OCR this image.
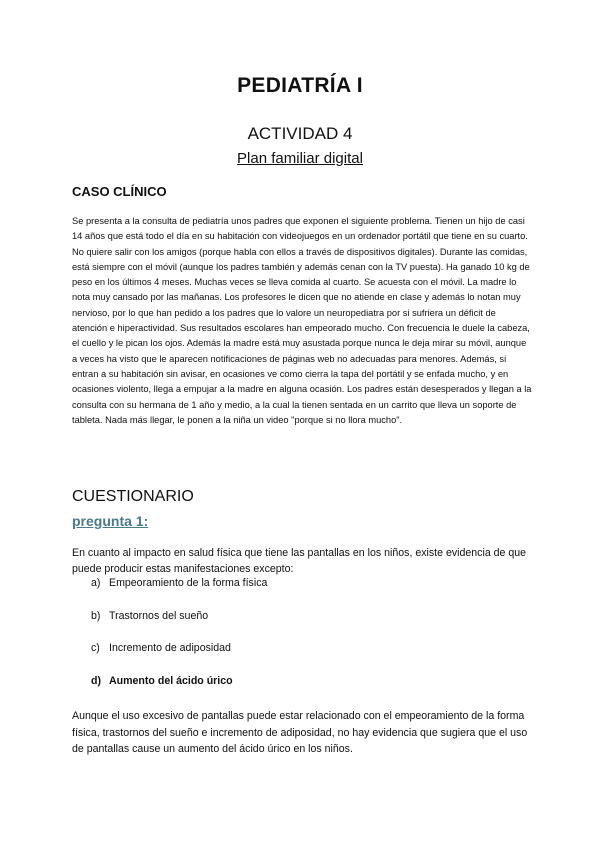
PEDIATRÍA I
ACTIVIDAD 4
Plan familiar digital
CASO CLÍNICO

Se presenta a la consulta de pediatría unos padres que exponen el siguiente problema. Tienen un hijo de casi 14 años que está todo el día en su habitación con videojuegos en un ordenador portátil que tiene en su cuarto. No quiere salir con los amigos (porque habla con ellos a través de dispositivos digitales). Durante las comidas, está siempre con el móvil (aunque los padres también y además cenan con la TV puesta). Ha ganado 10 kg de peso en los últimos 4 meses. Muchas veces se lleva comida al cuarto. Se acuesta con el móvil. La madre lo nota muy cansado por las mañanas. Los profesores le dicen que no atiende en clase y además lo notan muy nervioso, por lo que han pedido a los padres que lo valore un neuropediatra por si sufriera un déficit de atención e hiperactividad. Sus resultados escolares han empeorado mucho. Con frecuencia le duele la cabeza, el cuello y le pican los ojos. Además la madre está muy asustada porque nunca le deja mirar su móvil, aunque a veces ha visto que le aparecen notificaciones de páginas web no adecuadas para menores. Además, si entran a su habitación sin avisar, en ocasiones ve como cierra la tapa del portátil y se enfada mucho, y en ocasiones violento, llega a empujar a la madre en alguna ocasión. Los padres están desesperados y llegan a la consulta con su hermana de 1 año y medio, a la cual la tienen sentada en un carrito que lleva un soporte de tableta. Nada más llegar, le ponen a la niña un video "porque si no llora mucho".

CUESTIONARIO
pregunta 1:

En cuanto al impacto en salud física que tiene las pantallas en los niños, existe evidencia de que puede producir estas manifestaciones excepto:

a) Empeoramiento de la forma física
b) Trastornos del sueño
c) Incremento de adiposidad
d) Aumento del ácido úrico

Aunque el uso excesivo de pantallas puede estar relacionado con el empeoramiento de la forma física, trastornos del sueño e incremento de adiposidad, no hay evidencia que sugiera que el uso de pantallas cause un aumento del ácido úrico en los niños.
